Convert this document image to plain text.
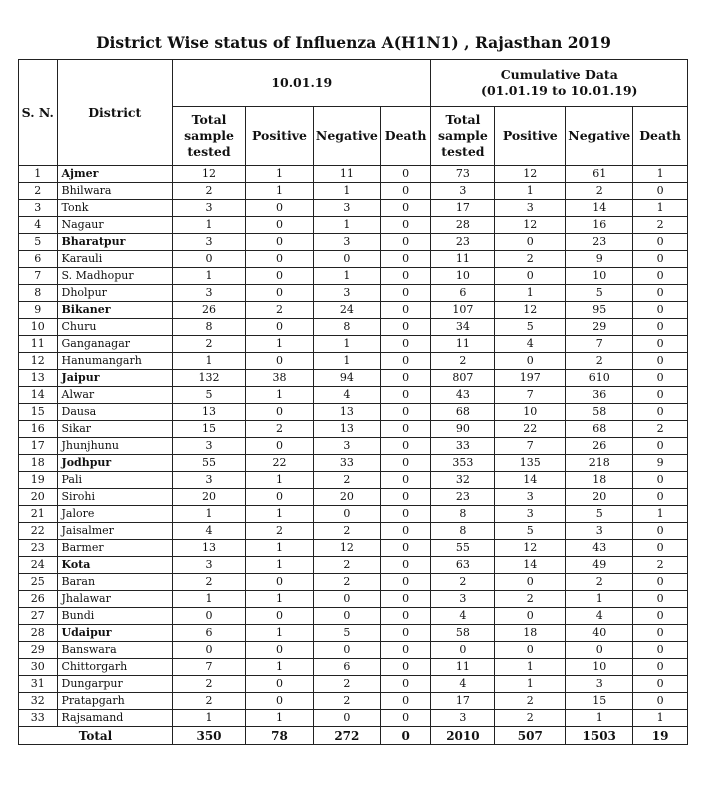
District Wise status of Influenza A(H1N1) , Rajasthan 2019
S. N.	District	10.01.19				Cumulative Data
(01.01.19 to 10.01.19)			

		Total sample tested	Positive	Negative	Death	Total sample tested	Positive	Negative	Death
1	Ajmer	12	1	11	0	73	12	61	1
2	Bhilwara	2	1	1	0	3	1	2	0
3	Tonk	3	0	3	0	17	3	14	1
4	Nagaur	1	0	1	0	28	12	16	2
5	Bharatpur	3	0	3	0	23	0	23	0
6	Karauli	0	0	0	0	11	2	9	0
7	S. Madhopur	1	0	1	0	10	0	10	0
8	Dholpur	3	0	3	0	6	1	5	0
9	Bikaner	26	2	24	0	107	12	95	0
10	Churu	8	0	8	0	34	5	29	0
11	Ganganagar	2	1	1	0	11	4	7	0
12	Hanumangarh	1	0	1	0	2	0	2	0
13	Jaipur	132	38	94	0	807	197	610	0
14	Alwar	5	1	4	0	43	7	36	0
15	Dausa	13	0	13	0	68	10	58	0
16	Sikar	15	2	13	0	90	22	68	2
17	Jhunjhunu	3	0	3	0	33	7	26	0
18	Jodhpur	55	22	33	0	353	135	218	9
19	Pali	3	1	2	0	32	14	18	0
20	Sirohi	20	0	20	0	23	3	20	0
21	Jalore	1	1	0	0	8	3	5	1
22	Jaisalmer	4	2	2	0	8	5	3	0
23	Barmer	13	1	12	0	55	12	43	0
24	Kota	3	1	2	0	63	14	49	2
25	Baran	2	0	2	0	2	0	2	0
26	Jhalawar	1	1	0	0	3	2	1	0
27	Bundi	0	0	0	0	4	0	4	0
28	Udaipur	6	1	5	0	58	18	40	0
29	Banswara	0	0	0	0	0	0	0	0
30	Chittorgarh	7	1	6	0	11	1	10	0
31	Dungarpur	2	0	2	0	4	1	3	0
32	Pratapgarh	2	0	2	0	17	2	15	0
33	Rajsamand	1	1	0	0	3	2	1	1
Total		350	78	272	0	2010	507	1503	19
